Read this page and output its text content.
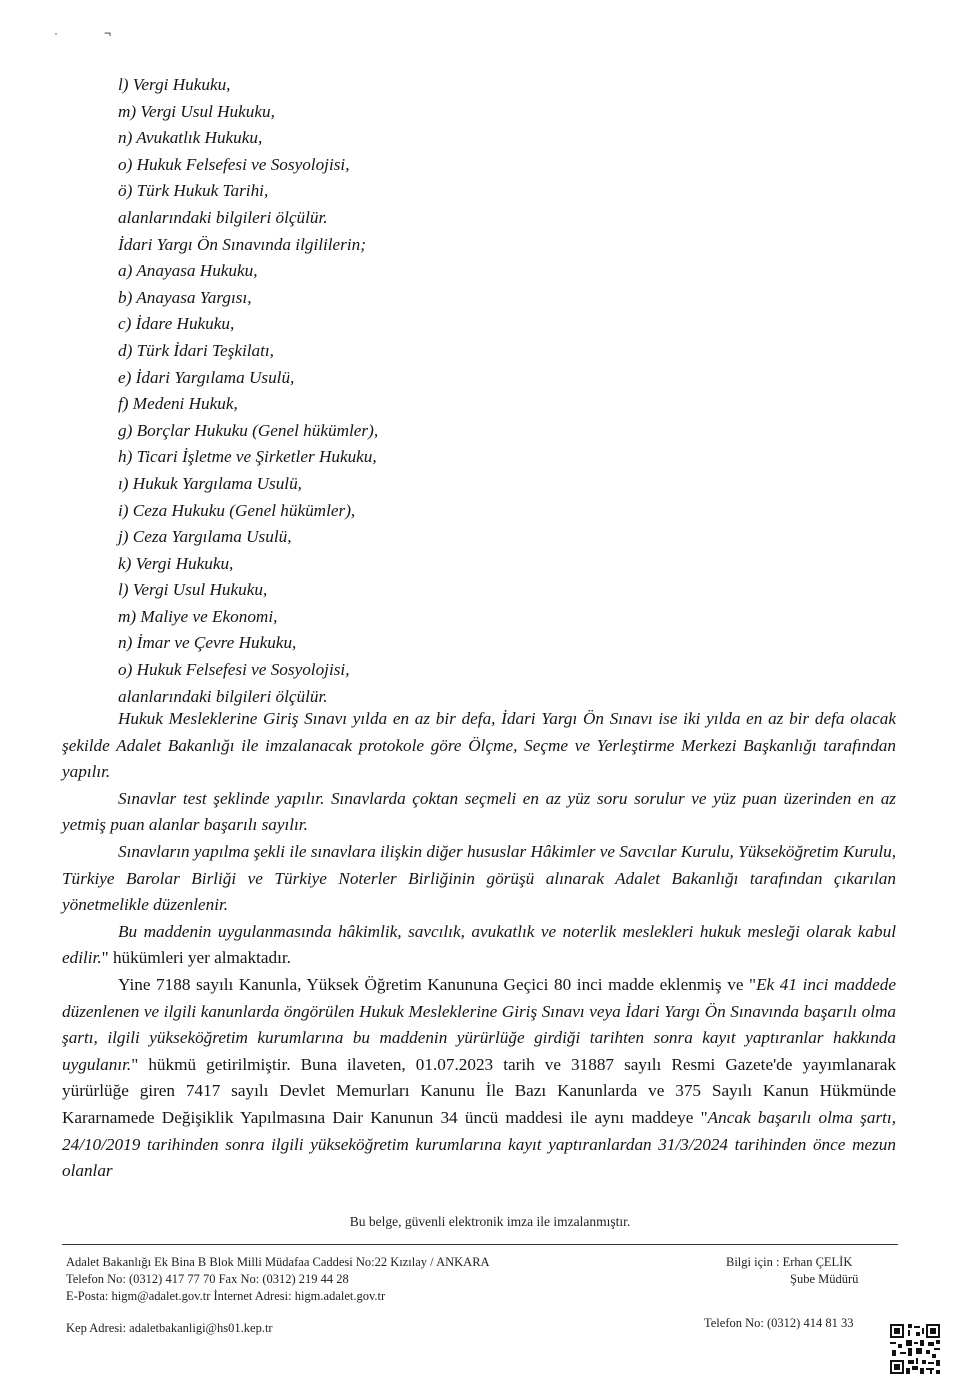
·	¬
l) Vergi Hukuku,
m) Vergi Usul Hukuku,
n) Avukatlık Hukuku,
o) Hukuk Felsefesi ve Sosyolojisi,
ö) Türk Hukuk Tarihi,
alanlarındaki bilgileri ölçülür.
İdari Yargı Ön Sınavında ilgililerin;
a) Anayasa Hukuku,
b) Anayasa Yargısı,
c) İdare Hukuku,
d) Türk İdari Teşkilatı,
e) İdari Yargılama Usulü,
f) Medeni Hukuk,
g) Borçlar Hukuku (Genel hükümler),
h) Ticari İşletme ve Şirketler Hukuku,
ı) Hukuk Yargılama Usulü,
i) Ceza Hukuku (Genel hükümler),
j) Ceza Yargılama Usulü,
k) Vergi Hukuku,
l) Vergi Usul Hukuku,
m) Maliye ve Ekonomi,
n) İmar ve Çevre Hukuku,
o) Hukuk Felsefesi ve Sosyolojisi,
alanlarındaki bilgileri ölçülür.

Hukuk Mesleklerine Giriş Sınavı yılda en az bir defa, İdari Yargı Ön Sınavı ise iki yılda en az bir defa olacak şekilde Adalet Bakanlığı ile imzalanacak protokole göre Ölçme, Seçme ve Yerleştirme Merkezi Başkanlığı tarafından yapılır.

Sınavlar test şeklinde yapılır. Sınavlarda çoktan seçmeli en az yüz soru sorulur ve yüz puan üzerinden en az yetmiş puan alanlar başarılı sayılır.

Sınavların yapılma şekli ile sınavlara ilişkin diğer hususlar Hâkimler ve Savcılar Kurulu, Yükseköğretim Kurulu, Türkiye Barolar Birliği ve Türkiye Noterler Birliğinin görüşü alınarak Adalet Bakanlığı tarafından çıkarılan yönetmelikle düzenlenir.

Bu maddenin uygulanmasında hâkimlik, savcılık, avukatlık ve noterlik meslekleri hukuk mesleği olarak kabul edilir." hükümleri yer almaktadır.

Yine 7188 sayılı Kanunla, Yüksek Öğretim Kanununa Geçici 80 inci madde eklenmiş ve "Ek 41 inci maddede düzenlenen ve ilgili kanunlarda öngörülen Hukuk Mesleklerine Giriş Sınavı veya İdari Yargı Ön Sınavında başarılı olma şartı, ilgili yükseköğretim kurumlarına bu maddenin yürürlüğe girdiği tarihten sonra kayıt yaptıranlar hakkında uygulanır." hükmü getirilmiştir. Buna ilaveten, 01.07.2023 tarih ve 31887 sayılı Resmi Gazete'de yayımlanarak yürürlüğe giren 7417 sayılı Devlet Memurları Kanunu İle Bazı Kanunlarda ve 375 Sayılı Kanun Hükmünde Kararnamede Değişiklik Yapılmasına Dair Kanunun 34 üncü maddesi ile aynı maddeye "Ancak başarılı olma şartı, 24/10/2019 tarihinden sonra ilgili yükseköğretim kurumlarına kayıt yaptıranlardan 31/3/2024 tarihinden önce mezun olanlar

Bu belge, güvenli elektronik imza ile imzalanmıştır.
Adalet Bakanlığı Ek Bina B Blok Milli Müdafaa Caddesi No:22 Kızılay / ANKARA
Telefon No: (0312) 417 77 70 Fax No: (0312) 219 44 28
E-Posta: higm@adalet.gov.tr İnternet Adresi: higm.adalet.gov.tr
Kep Adresi: adaletbakanligi@hs01.kep.tr
Bilgi için : Erhan ÇELİK
Şube Müdürü
Telefon No: (0312) 414 81 33
